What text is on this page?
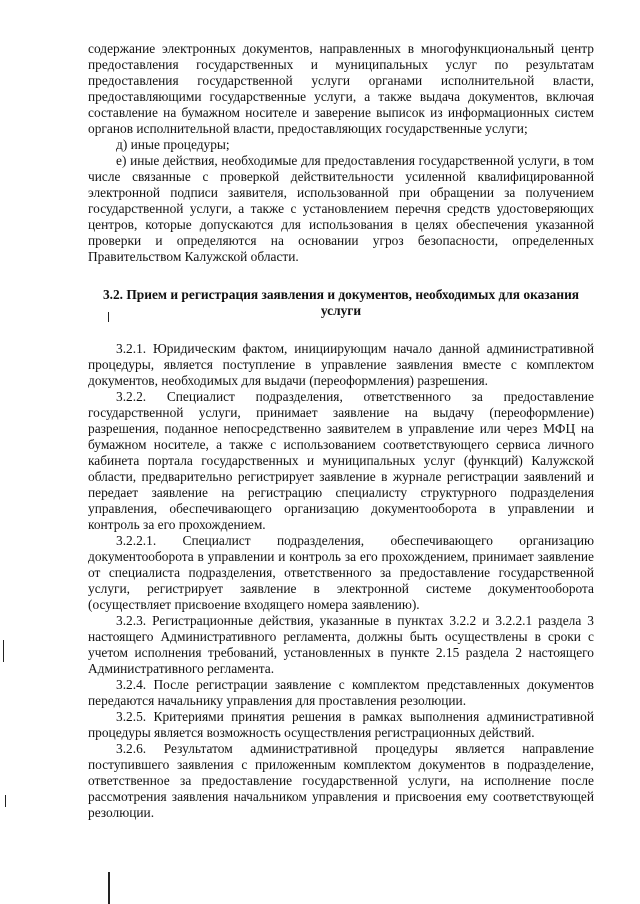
содержание электронных документов, направленных в многофункциональный центр предоставления государственных и муниципальных услуг по результатам предоставления государственной услуги органами исполнительной власти, предоставляющими государственные услуги, а также выдача документов, включая составление на бумажном носителе и заверение выписок из информационных систем органов исполнительной власти, предоставляющих государственные услуги;

д) иные процедуры;

е) иные действия, необходимые для предоставления государственной услуги, в том числе связанные с проверкой действительности усиленной квалифицированной электронной подписи заявителя, использованной при обращении за получением государственной услуги, а также с установлением перечня средств удостоверяющих центров, которые допускаются для использования в целях обеспечения указанной проверки и определяются на основании угроз безопасности, определенных Правительством Калужской области.

3.2. Прием и регистрация заявления и документов, необходимых для оказания услуги

3.2.1. Юридическим фактом, инициирующим начало данной административной процедуры, является поступление в управление заявления вместе с комплектом документов, необходимых для выдачи (переоформления) разрешения.

3.2.2. Специалист подразделения, ответственного за предоставление государственной услуги, принимает заявление на выдачу (переоформление) разрешения, поданное непосредственно заявителем в управление или через МФЦ на бумажном носителе, а также с использованием соответствующего сервиса личного кабинета портала государственных и муниципальных услуг (функций) Калужской области, предварительно регистрирует заявление в журнале регистрации заявлений и передает заявление на регистрацию специалисту структурного подразделения управления, обеспечивающего организацию документооборота в управлении и контроль за его прохождением.

3.2.2.1. Специалист подразделения, обеспечивающего организацию документооборота в управлении и контроль за его прохождением, принимает заявление от специалиста подразделения, ответственного за предоставление государственной услуги, регистрирует заявление в электронной системе документооборота (осуществляет присвоение входящего номера заявлению).

3.2.3. Регистрационные действия, указанные в пунктах 3.2.2 и 3.2.2.1 раздела 3 настоящего Административного регламента, должны быть осуществлены в сроки с учетом исполнения требований, установленных в пункте 2.15 раздела 2 настоящего Административного регламента.

3.2.4. После регистрации заявление с комплектом представленных документов передаются начальнику управления для проставления резолюции.

3.2.5. Критериями принятия решения в рамках выполнения административной процедуры является возможность осуществления регистрационных действий.

3.2.6. Результатом административной процедуры является направление поступившего заявления с приложенным комплектом документов в подразделение, ответственное за предоставление государственной услуги, на исполнение после рассмотрения заявления начальником управления и присвоения ему соответствующей резолюции.
